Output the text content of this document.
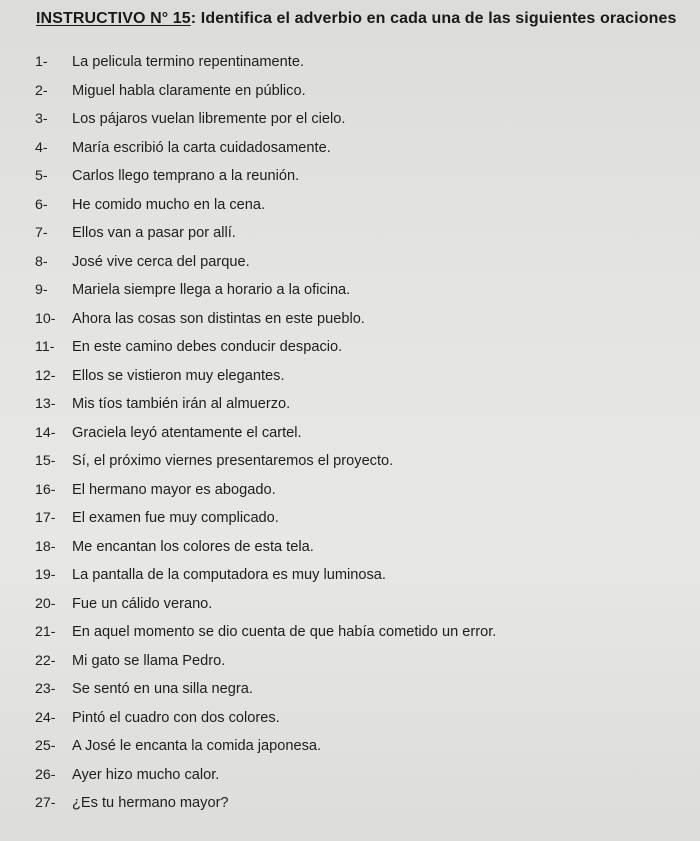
INSTRUCTIVO N° 15: Identifica el adverbio en cada una de las siguientes oraciones
1- La pelicula termino repentinamente.
2- Miguel habla claramente en público.
3- Los pájaros vuelan libremente por el cielo.
4- María escribió la carta cuidadosamente.
5- Carlos llego temprano a la reunión.
6- He comido mucho en la cena.
7- Ellos van a pasar por allí.
8- José vive cerca del parque.
9- Mariela siempre llega a horario a la oficina.
10- Ahora las cosas son distintas en este pueblo.
11- En este camino debes conducir despacio.
12- Ellos se vistieron muy elegantes.
13- Mis tíos también irán al almuerzo.
14- Graciela leyó atentamente el cartel.
15- Sí, el próximo viernes presentaremos el proyecto.
16- El hermano mayor es abogado.
17- El examen fue muy complicado.
18- Me encantan los colores de esta tela.
19- La pantalla de la computadora es muy luminosa.
20- Fue un cálido verano.
21- En aquel momento se dio cuenta de que había cometido un error.
22- Mi gato se llama Pedro.
23- Se sentó en una silla negra.
24- Pintó el cuadro con dos colores.
25- A José le encanta la comida japonesa.
26- Ayer hizo mucho calor.
27- ¿Es tu hermano mayor?
